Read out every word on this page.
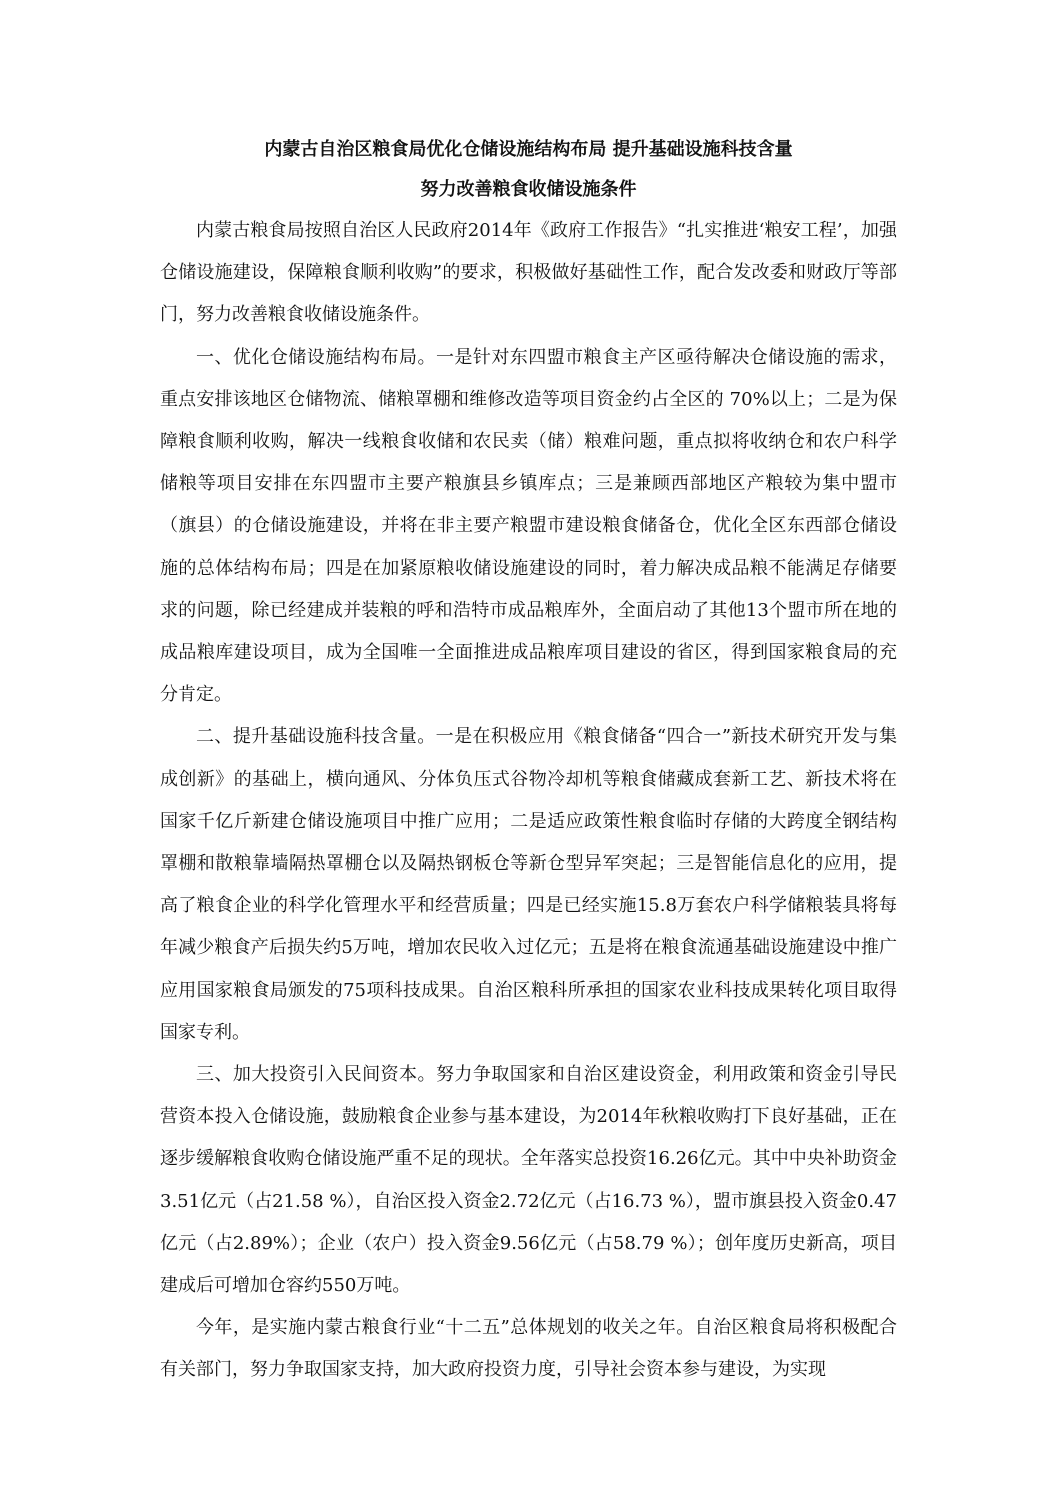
内蒙古自治区粮食局优化仓储设施结构布局 提升基础设施科技含量

努力改善粮食收储设施条件

内蒙古粮食局按照自治区人民政府2014年《政府工作报告》“扎实推进‘粮安工程’，加强仓储设施建设，保障粮食顺利收购”的要求，积极做好基础性工作，配合发改委和财政厅等部门，努力改善粮食收储设施条件。

一、优化仓储设施结构布局。一是针对东四盟市粮食主产区亟待解决仓储设施的需求，重点安排该地区仓储物流、储粮罩棚和维修改造等项目资金约占全区的 70%以上；二是为保障粮食顺利收购，解决一线粮食收储和农民卖（储）粮难问题，重点拟将收纳仓和农户科学储粮等项目安排在东四盟市主要产粮旗县乡镇库点；三是兼顾西部地区产粮较为集中盟市（旗县）的仓储设施建设，并将在非主要产粮盟市建设粮食储备仓，优化全区东西部仓储设施的总体结构布局；四是在加紧原粮收储设施建设的同时，着力解决成品粮不能满足存储要求的问题，除已经建成并装粮的呼和浩特市成品粮库外，全面启动了其他13个盟市所在地的成品粮库建设项目，成为全国唯一全面推进成品粮库项目建设的省区，得到国家粮食局的充分肯定。

二、提升基础设施科技含量。一是在积极应用《粮食储备“四合一”新技术研究开发与集成创新》的基础上，横向通风、分体负压式谷物冷却机等粮食储藏成套新工艺、新技术将在国家千亿斤新建仓储设施项目中推广应用；二是适应政策性粮食临时存储的大跨度全钢结构罩棚和散粮靠墙隔热罩棚仓以及隔热钢板仓等新仓型异军突起；三是智能信息化的应用，提高了粮食企业的科学化管理水平和经营质量；四是已经实施15.8万套农户科学储粮装具将每年减少粮食产后损失约5万吨，增加农民收入过亿元；五是将在粮食流通基础设施建设中推广应用国家粮食局颁发的75项科技成果。自治区粮科所承担的国家农业科技成果转化项目取得国家专利。

三、加大投资引入民间资本。努力争取国家和自治区建设资金，利用政策和资金引导民营资本投入仓储设施，鼓励粮食企业参与基本建设，为2014年秋粮收购打下良好基础，正在逐步缓解粮食收购仓储设施严重不足的现状。全年落实总投资16.26亿元。其中中央补助资金3.51亿元（占21.58 %），自治区投入资金2.72亿元（占16.73 %），盟市旗县投入资金0.47亿元（占2.89%）；企业（农户）投入资金9.56亿元（占58.79 %）；创年度历史新高，项目建成后可增加仓容约550万吨。

今年，是实施内蒙古粮食行业“十二五”总体规划的收关之年。自治区粮食局将积极配合有关部门，努力争取国家支持，加大政府投资力度，引导社会资本参与建设，为实现
